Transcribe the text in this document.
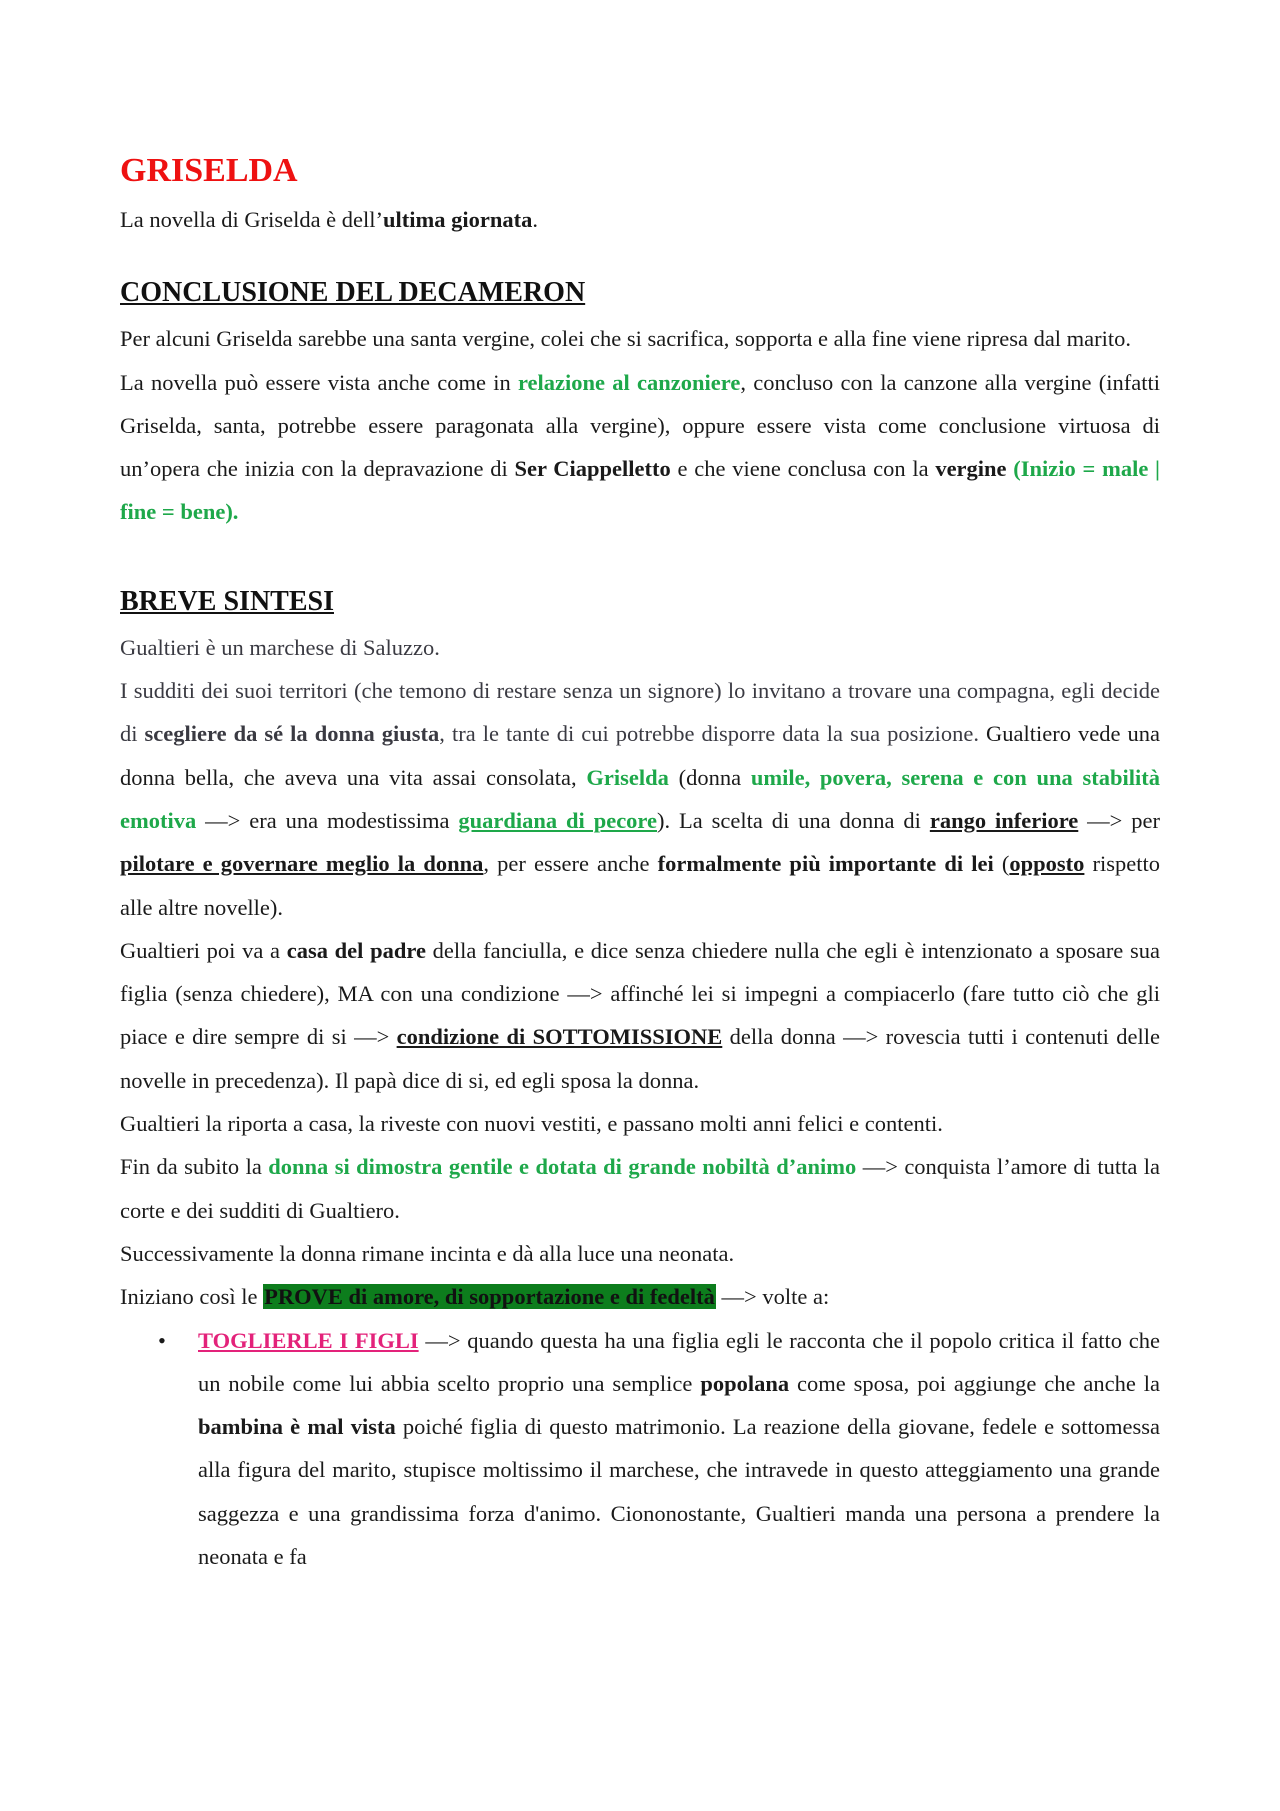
GRISELDA

La novella di Griselda è dell’ultima giornata.

CONCLUSIONE DEL DECAMERON

Per alcuni Griselda sarebbe una santa vergine, colei che si sacrifica, sopporta e alla fine viene ripresa dal marito.

La novella può essere vista anche come in relazione al canzoniere, concluso con la canzone alla vergine (infatti Griselda, santa, potrebbe essere paragonata alla vergine), oppure essere vista come conclusione virtuosa di un’opera che inizia con la depravazione di Ser Ciappelletto e che viene conclusa con la vergine (Inizio = male | fine = bene).

BREVE SINTESI

Gualtieri è un marchese di Saluzzo.

I sudditi dei suoi territori (che temono di restare senza un signore) lo invitano a trovare una compagna, egli decide di scegliere da sé la donna giusta, tra le tante di cui potrebbe disporre data la sua posizione. Gualtiero vede una donna bella, che aveva una vita assai consolata, Griselda (donna umile, povera, serena e con una stabilità emotiva —> era una modestissima guardiana di pecore). La scelta di una donna di rango inferiore —> per pilotare e governare meglio la donna, per essere anche formalmente più importante di lei (opposto rispetto alle altre novelle).

Gualtieri poi va a casa del padre della fanciulla, e dice senza chiedere nulla che egli è intenzionato a sposare sua figlia (senza chiedere), MA con una condizione —> affinché lei si impegni a compiacerlo (fare tutto ciò che gli piace e dire sempre di si —> condizione di SOTTOMISSIONE della donna —> rovescia tutti i contenuti delle novelle in precedenza). Il papà dice di si, ed egli sposa la donna.

Gualtieri la riporta a casa, la riveste con nuovi vestiti, e passano molti anni felici e contenti.

Fin da subito la donna si dimostra gentile e dotata di grande nobiltà d’animo —> conquista l’amore di tutta la corte e dei sudditi di Gualtiero.

Successivamente la donna rimane incinta e dà alla luce una neonata.

Iniziano così le PROVE di amore, di sopportazione e di fedeltà —> volte a:

• TOGLIERLE I FIGLI —> quando questa ha una figlia egli le racconta che il popolo critica il fatto che un nobile come lui abbia scelto proprio una semplice popolana come sposa, poi aggiunge che anche la bambina è mal vista poiché figlia di questo matrimonio. La reazione della giovane, fedele e sottomessa alla figura del marito, stupisce moltissimo il marchese, che intravede in questo atteggiamento una grande saggezza e una grandissima forza d'animo. Ciononostante, Gualtieri manda una persona a prendere la neonata e fa
